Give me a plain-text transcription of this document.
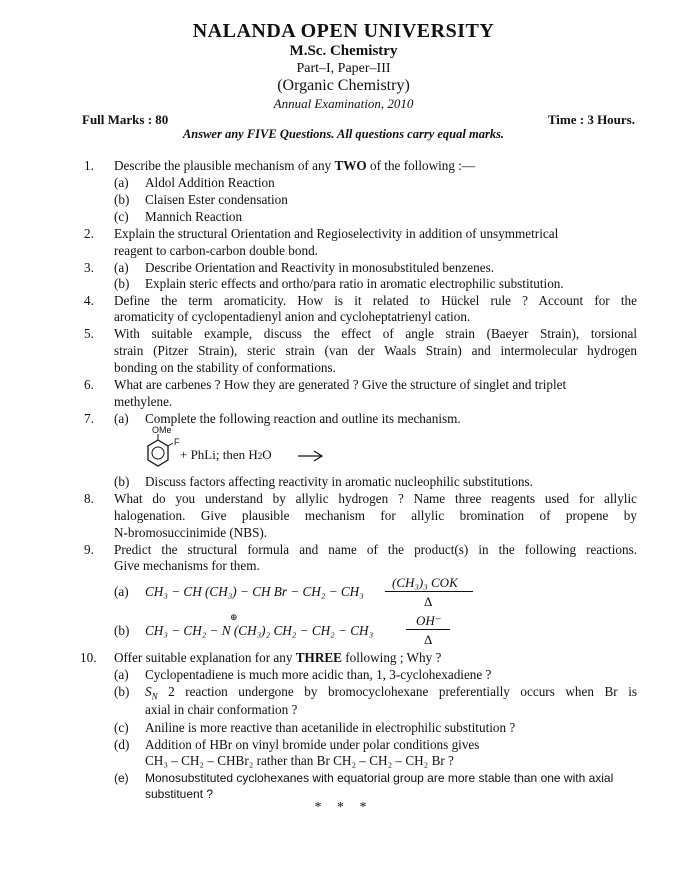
NALANDA OPEN UNIVERSITY
M.Sc. Chemistry
Part–I, Paper–III
(Organic Chemistry)
Annual Examination, 2010
Full Marks : 80	Time : 3 Hours.
Answer any FIVE Questions. All questions carry equal marks.
1. Describe the plausible mechanism of any TWO of the following :—
(a) Aldol Addition Reaction
(b) Claisen Ester condensation
(c) Mannich Reaction
2. Explain the structural Orientation and Regioselectivity in addition of unsymmetrical
reagent to carbon-carbon double bond.
3. (a) Describe Orientation and Reactivity in monosubstituled benzenes.
(b) Explain steric effects and ortho/para ratio in aromatic electrophilic substitution.
4. Define the term aromaticity. How is it related to Hückel rule ? Account for the
aromaticity of cyclopentadienyl anion and cycloheptatrienyl cation.
5. With suitable example, discuss the effect of angle strain (Baeyer Strain), torsional
strain (Pitzer Strain), steric strain (van der Waals Strain) and intermolecular hydrogen
bonding on the stability of conformations.
6. What are carbenes ? How they are generated ? Give the structure of singlet and triplet
methylene.
7. (a) Complete the following reaction and outline its mechanism.
OMe
F
+ PhLi; then H2O
(b) Discuss factors affecting reactivity in aromatic nucleophilic substitutions.
8. What do you understand by allylic hydrogen ? Name three reagents used for allylic
halogenation. Give plausible mechanism for allylic bromination of propene by
N-bromosuccinimide (NBS).
9. Predict the structural formula and name of the product(s) in the following reactions.
Give mechanisms for them.
(a) CH₃ − CH (CH₃) − CH Br − CH₂ − CH₃
(CH₃)₃ COK
Δ
(b) CH₃ − CH₂ − N (CH₃)₂ CH₂ − CH₂ − CH₃
⊕	OH⁻
Δ
10. Offer suitable explanation for any THREE following ; Why ?
(a) Cyclopentadiene is much more acidic than, 1, 3-cyclohexadiene ?
(b) $S_N$ 2 reaction undergone by bromocyclohexane preferentially occurs when Br is
axial in chair conformation ?
(c) Aniline is more reactive than acetanilide in electrophilic substitution ?
(d) Addition of HBr on vinyl bromide under polar conditions gives
CH₃ – CH₂ – CHBr₂ rather than Br CH₂ – CH₂ – CH₂ Br ?
(e) Monosubstituted cyclohexanes with equatorial group are more stable than one with axial
substituent ?
* * *
